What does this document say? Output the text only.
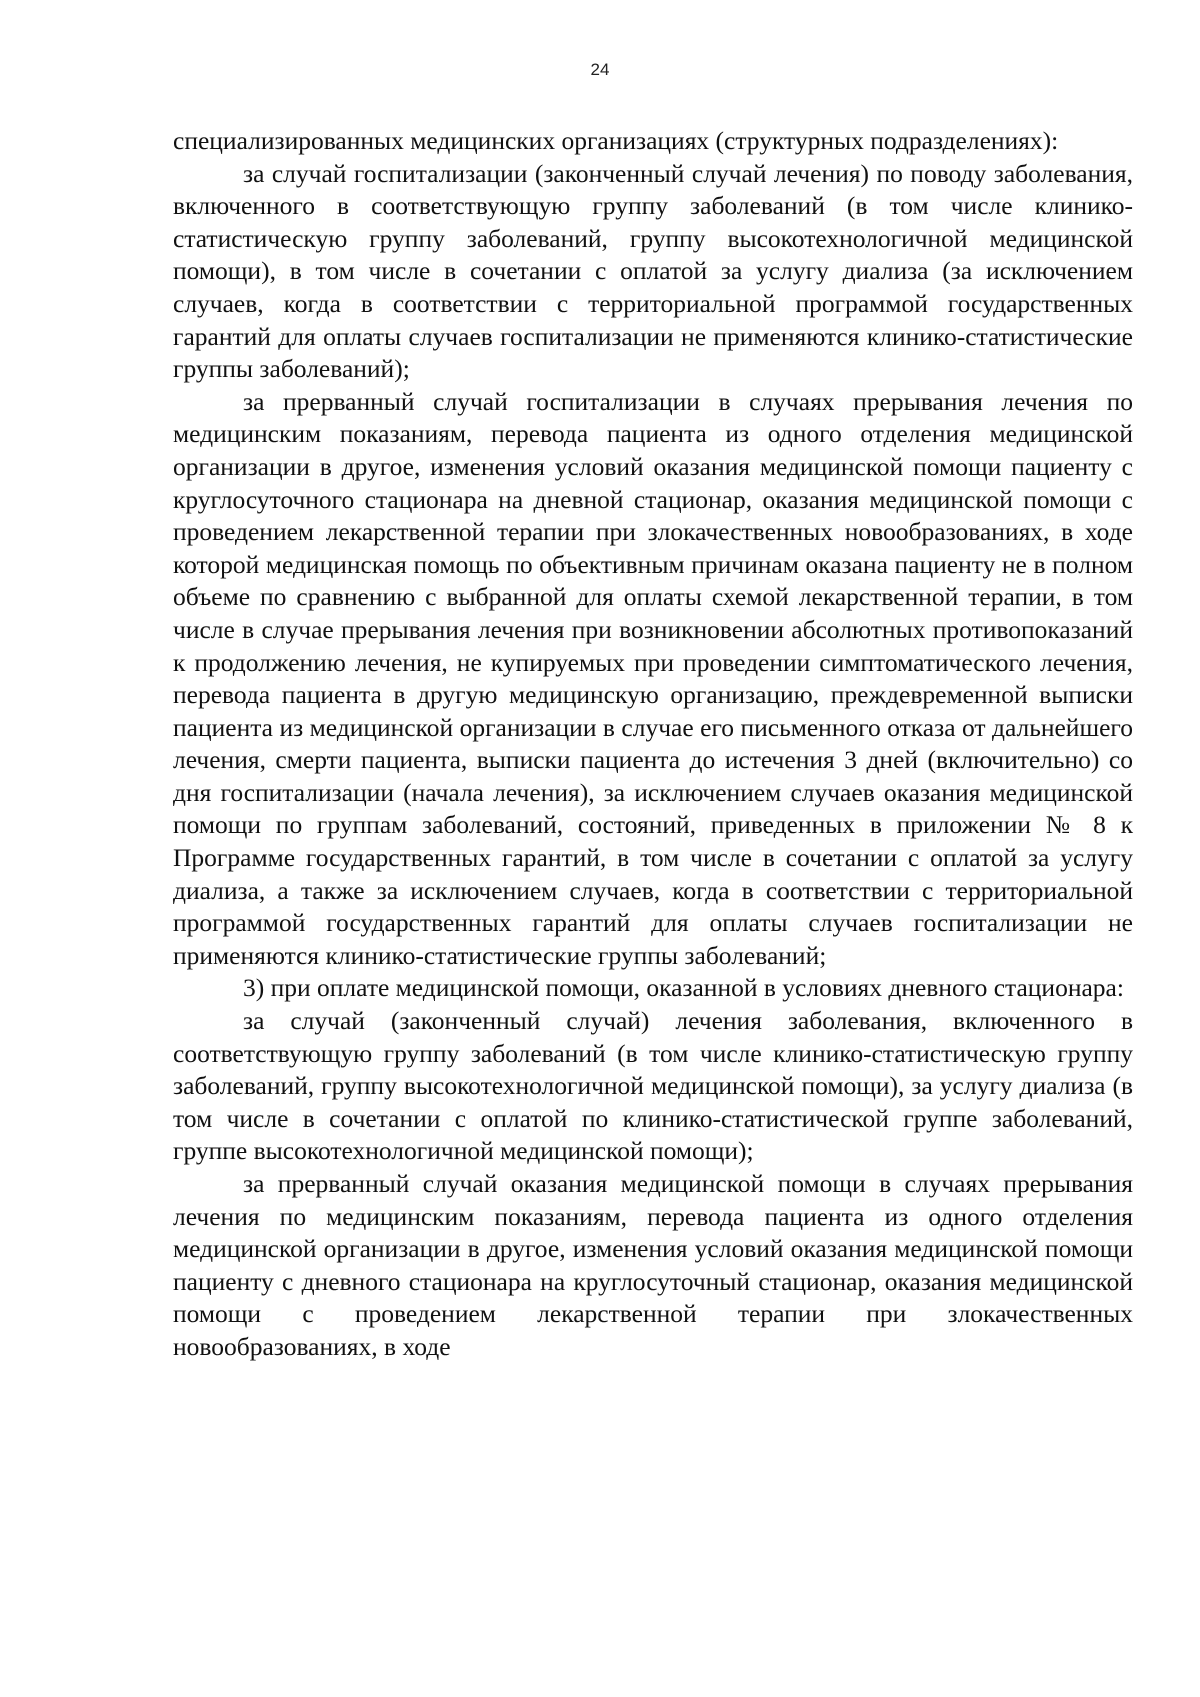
24

специализированных медицинских организациях (структурных подразделениях):

за случай госпитализации (законченный случай лечения) по поводу заболевания, включенного в соответствующую группу заболеваний (в том числе клинико-статистическую группу заболеваний, группу высокотехнологичной медицинской помощи), в том числе в сочетании с оплатой за услугу диализа (за исключением случаев, когда в соответствии с территориальной программой государственных гарантий для оплаты случаев госпитализации не применяются клинико-статистические группы заболеваний);

за прерванный случай госпитализации в случаях прерывания лечения по медицинским показаниям, перевода пациента из одного отделения медицинской организации в другое, изменения условий оказания медицинской помощи пациенту с круглосуточного стационара на дневной стационар, оказания медицинской помощи с проведением лекарственной терапии при злокачественных новообразованиях, в ходе которой медицинская помощь по объективным причинам оказана пациенту не в полном объеме по сравнению с выбранной для оплаты схемой лекарственной терапии, в том числе в случае прерывания лечения при возникновении абсолютных противопоказаний к продолжению лечения, не купируемых при проведении симптоматического лечения, перевода пациента в другую медицинскую организацию, преждевременной выписки пациента из медицинской организации в случае его письменного отказа от дальнейшего лечения, смерти пациента, выписки пациента до истечения 3 дней (включительно) со дня госпитализации (начала лечения), за исключением случаев оказания медицинской помощи по группам заболеваний, состояний, приведенных в приложении № 8 к Программе государственных гарантий, в том числе в сочетании с оплатой за услугу диализа, а также за исключением случаев, когда в соответствии с территориальной программой государственных гарантий для оплаты случаев госпитализации не применяются клинико-статистические группы заболеваний;

3) при оплате медицинской помощи, оказанной в условиях дневного стационара:

за случай (законченный случай) лечения заболевания, включенного в соответствующую группу заболеваний (в том числе клинико-статистическую группу заболеваний, группу высокотехнологичной медицинской помощи), за услугу диализа (в том числе в сочетании с оплатой по клинико-статистической группе заболеваний, группе высокотехнологичной медицинской помощи);

за прерванный случай оказания медицинской помощи в случаях прерывания лечения по медицинским показаниям, перевода пациента из одного отделения медицинской организации в другое, изменения условий оказания медицинской помощи пациенту с дневного стационара на круглосуточный стационар, оказания медицинской помощи с проведением лекарственной терапии при злокачественных новообразованиях, в ходе
